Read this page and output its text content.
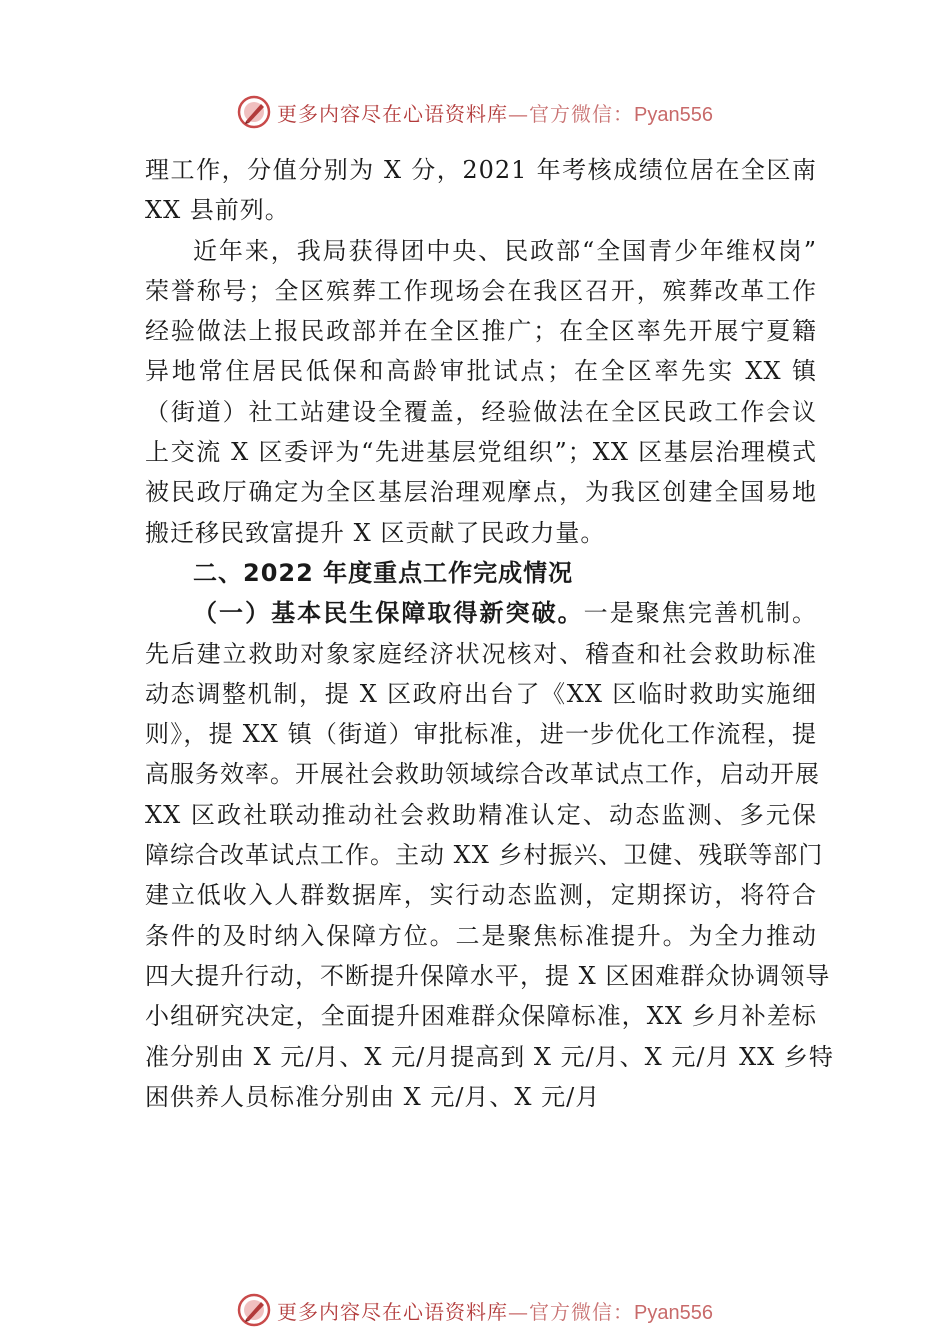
更多内容尽在心语资料库—官方微信：Pyan556
理工作，分值分别为 X 分，2021 年考核成绩位居在全区南
XX 县前列。
近年来，我局获得团中央、民政部“全国青少年维权岗”
荣誉称号；全区殡葬工作现场会在我区召开，殡葬改革工作
经验做法上报民政部并在全区推广；在全区率先开展宁夏籍
异地常住居民低保和高龄审批试点；在全区率先实 XX 镇
（街道）社工站建设全覆盖，经验做法在全区民政工作会议
上交流 X 区委评为“先进基层党组织”；XX 区基层治理模式
被民政厅确定为全区基层治理观摩点，为我区创建全国易地
搬迁移民致富提升 X 区贡献了民政力量。
二、2022 年度重点工作完成情况
（一）基本民生保障取得新突破。一是聚焦完善机制。
先后建立救助对象家庭经济状况核对、稽查和社会救助标准
动态调整机制，提 X 区政府出台了《XX 区临时救助实施细
则》，提 XX 镇（街道）审批标准，进一步优化工作流程，提
高服务效率。开展社会救助领域综合改革试点工作，启动开展
XX 区政社联动推动社会救助精准认定、动态监测、多元保
障综合改革试点工作。主动 XX 乡村振兴、卫健、残联等部门
建立低收入人群数据库，实行动态监测，定期探访，将符合
条件的及时纳入保障方位。二是聚焦标准提升。为全力推动
四大提升行动，不断提升保障水平，提 X 区困难群众协调领导
小组研究决定，全面提升困难群众保障标准，XX 乡月补差标
准分别由 X 元/月、X 元/月提高到 X 元/月、X 元/月 XX 乡特
困供养人员标准分别由 X 元/月、X 元/月
更多内容尽在心语资料库—官方微信：Pyan556
